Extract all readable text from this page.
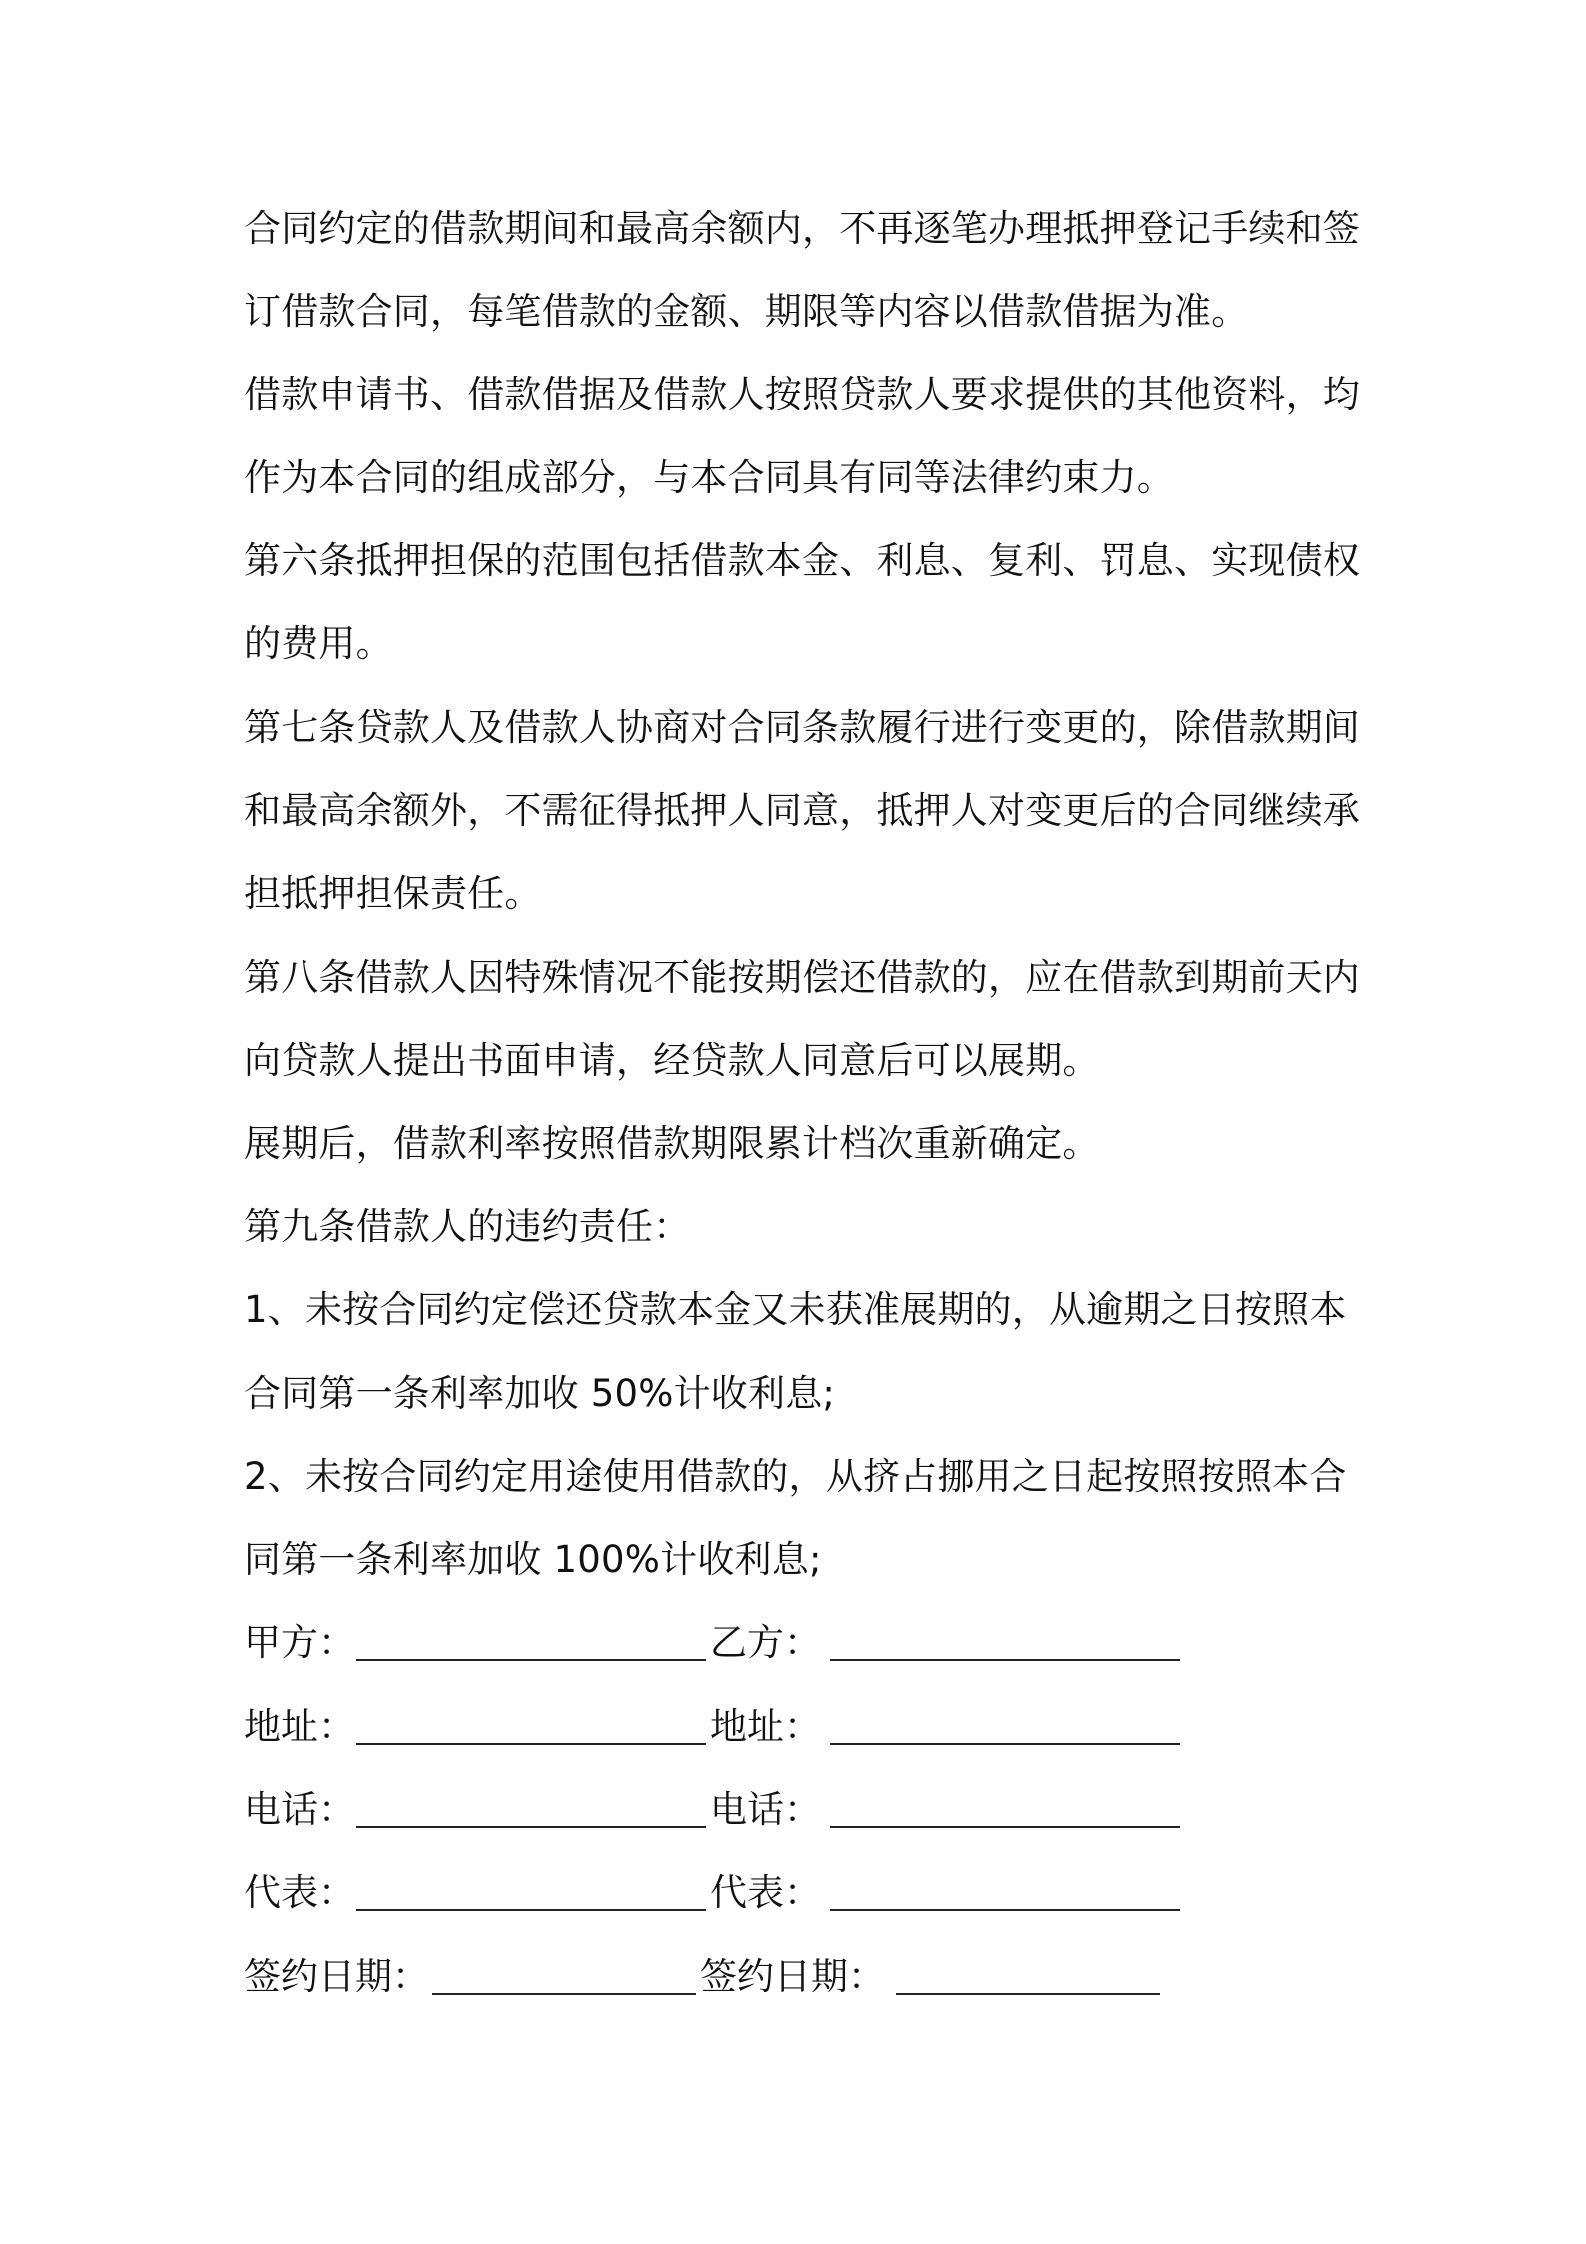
合同约定的借款期间和最高余额内，不再逐笔办理抵押登记手续和签
订借款合同，每笔借款的金额、期限等内容以借款借据为准。
借款申请书、借款借据及借款人按照贷款人要求提供的其他资料，均
作为本合同的组成部分，与本合同具有同等法律约束力。
第六条抵押担保的范围包括借款本金、利息、复利、罚息、实现债权
的费用。
第七条贷款人及借款人协商对合同条款履行进行变更的，除借款期间
和最高余额外，不需征得抵押人同意，抵押人对变更后的合同继续承
担抵押担保责任。
第八条借款人因特殊情况不能按期偿还借款的，应在借款到期前天内
向贷款人提出书面申请，经贷款人同意后可以展期。
展期后，借款利率按照借款期限累计档次重新确定。
第九条借款人的违约责任：
1、未按合同约定偿还贷款本金又未获准展期的，从逾期之日按照本
合同第一条利率加收 50%计收利息;
2、未按合同约定用途使用借款的，从挤占挪用之日起按照按照本合
同第一条利率加收 100%计收利息;
甲方：	乙方：
地址：	地址：
电话：	电话：
代表：	代表：
签约日期：	签约日期：
